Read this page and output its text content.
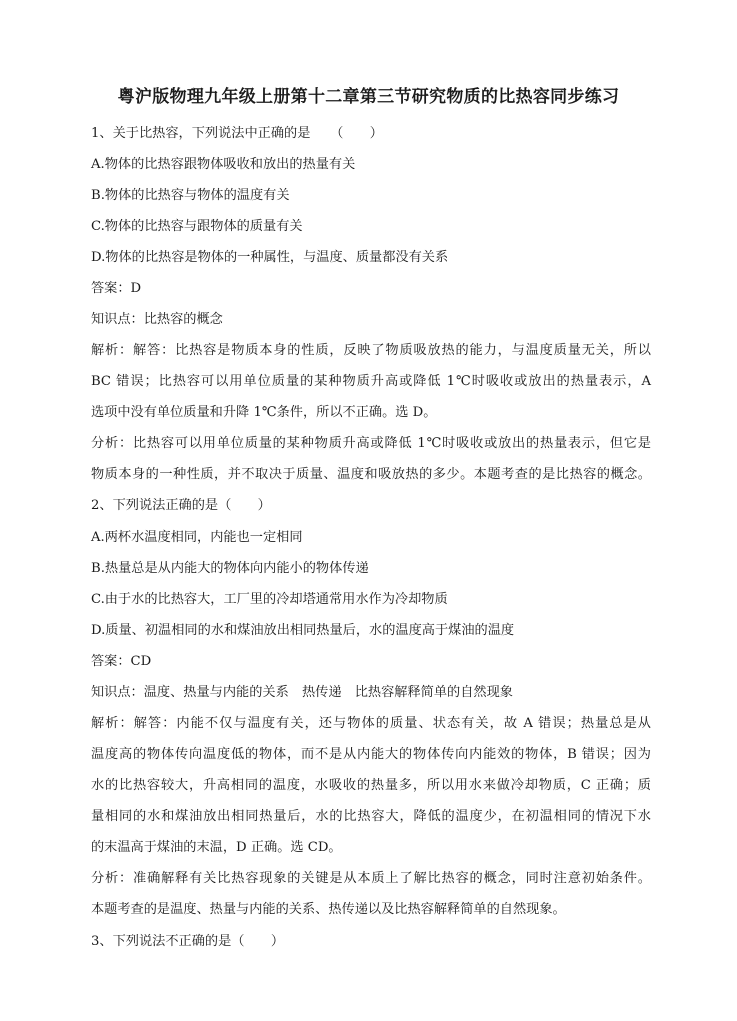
粤沪版物理九年级上册第十二章第三节研究物质的比热容同步练习
1、关于比热容，下列说法中正确的是　　（　　）
A.物体的比热容跟物体吸收和放出的热量有关
B.物体的比热容与物体的温度有关
C.物体的比热容与跟物体的质量有关
D.物体的比热容是物体的一种属性，与温度、质量都没有关系
答案：D
知识点：比热容的概念
解析：解答：比热容是物质本身的性质，反映了物质吸放热的能力，与温度质量无关，所以
BC 错误；比热容可以用单位质量的某种物质升高或降低 1℃时吸收或放出的热量表示，A
选项中没有单位质量和升降 1℃条件，所以不正确。选 D。
分析：比热容可以用单位质量的某种物质升高或降低 1℃时吸收或放出的热量表示，但它是
物质本身的一种性质，并不取决于质量、温度和吸放热的多少。本题考查的是比热容的概念。
2、下列说法正确的是（　　）
A.两杯水温度相同，内能也一定相同
B.热量总是从内能大的物体向内能小的物体传递
C.由于水的比热容大，工厂里的冷却塔通常用水作为冷却物质
D.质量、初温相同的水和煤油放出相同热量后，水的温度高于煤油的温度
答案：CD
知识点：温度、热量与内能的关系　热传递　比热容解释简单的自然现象
解析：解答：内能不仅与温度有关，还与物体的质量、状态有关，故 A 错误；热量总是从
温度高的物体传向温度低的物体，而不是从内能大的物体传向内能效的物体，B 错误；因为
水的比热容较大，升高相同的温度，水吸收的热量多，所以用水来做冷却物质，C 正确；质
量相同的水和煤油放出相同热量后，水的比热容大，降低的温度少，在初温相同的情况下水
的末温高于煤油的末温，D 正确。选 CD。
分析：准确解释有关比热容现象的关键是从本质上了解比热容的概念，同时注意初始条件。
本题考查的是温度、热量与内能的关系、热传递以及比热容解释简单的自然现象。
3、下列说法不正确的是（　　）
